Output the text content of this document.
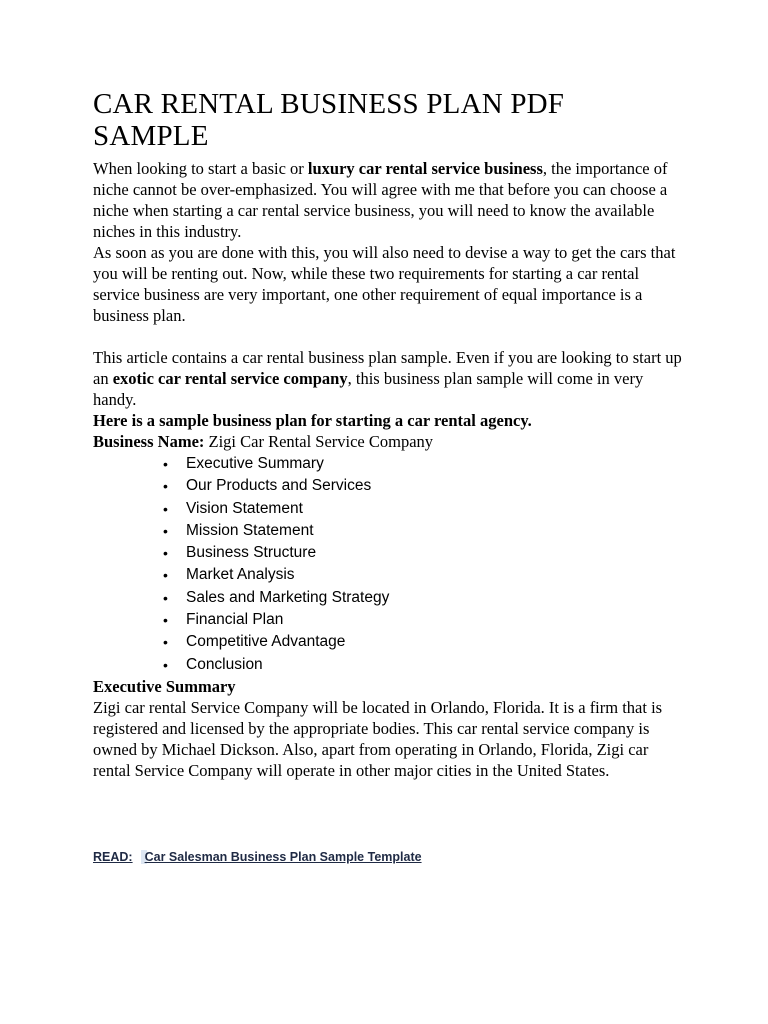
CAR RENTAL BUSINESS PLAN PDF SAMPLE

When looking to start a basic or luxury car rental service business, the importance of niche cannot be over-emphasized. You will agree with me that before you can choose a niche when starting a car rental service business, you will need to know the available niches in this industry.

As soon as you are done with this, you will also need to devise a way to get the cars that you will be renting out. Now, while these two requirements for starting a car rental service business are very important, one other requirement of equal importance is a business plan.

This article contains a car rental business plan sample. Even if you are looking to start up an exotic car rental service company, this business plan sample will come in very handy.

Here is a sample business plan for starting a car rental agency.

Business Name: Zigi Car Rental Service Company

• Executive Summary
• Our Products and Services
• Vision Statement
• Mission Statement
• Business Structure
• Market Analysis
• Sales and Marketing Strategy
• Financial Plan
• Competitive Advantage
• Conclusion

Executive Summary

Zigi car rental Service Company will be located in Orlando, Florida. It is a firm that is registered and licensed by the appropriate bodies. This car rental service company is owned by Michael Dickson. Also, apart from operating in Orlando, Florida, Zigi car rental Service Company will operate in other major cities in the United States.

READ: Car Salesman Business Plan Sample Template
